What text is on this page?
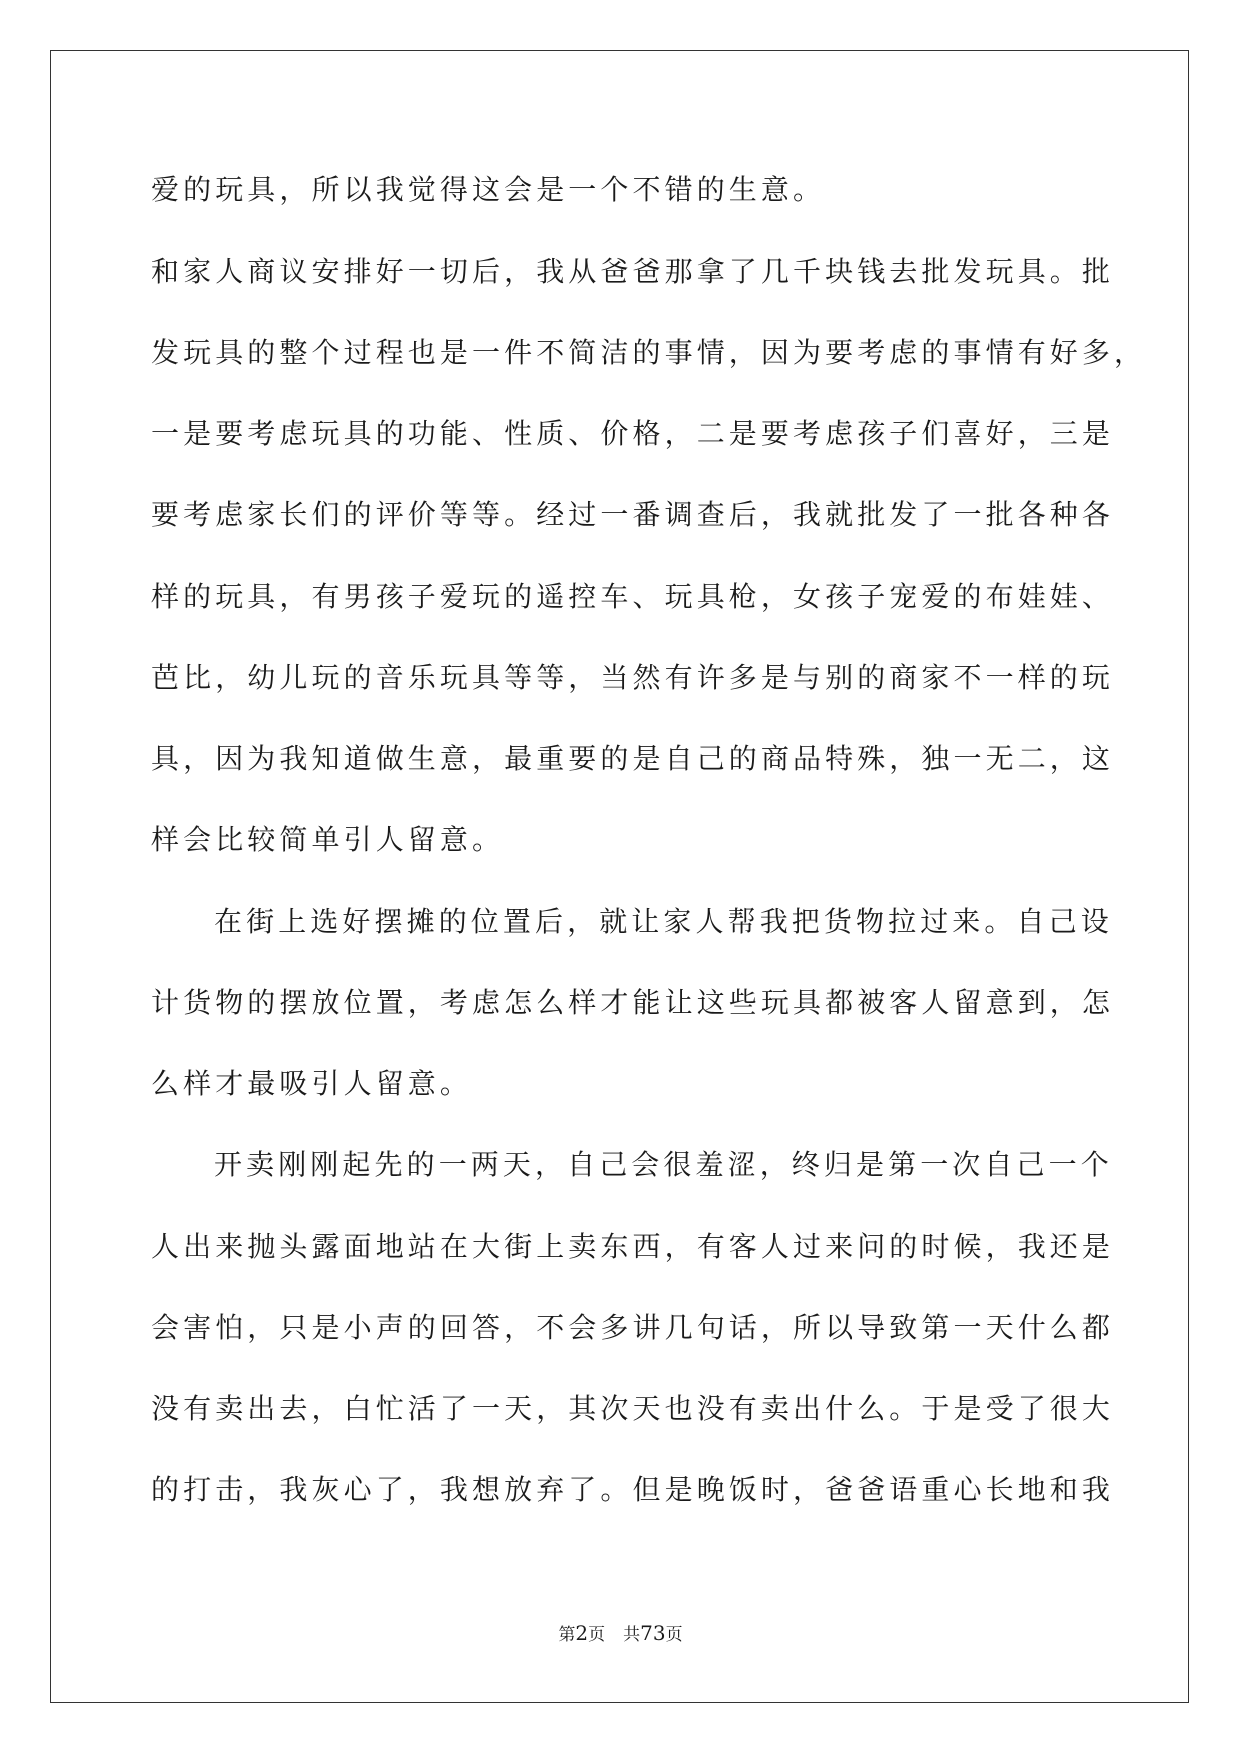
爱的玩具，所以我觉得这会是一个不错的生意。

和家人商议安排好一切后，我从爸爸那拿了几千块钱去批发玩具。批

发玩具的整个过程也是一件不简洁的事情，因为要考虑的事情有好多，

一是要考虑玩具的功能、性质、价格，二是要考虑孩子们喜好，三是

要考虑家长们的评价等等。经过一番调查后，我就批发了一批各种各

样的玩具，有男孩子爱玩的遥控车、玩具枪，女孩子宠爱的布娃娃、

芭比，幼儿玩的音乐玩具等等，当然有许多是与别的商家不一样的玩

具，因为我知道做生意，最重要的是自己的商品特殊，独一无二，这

样会比较简单引人留意。

在街上选好摆摊的位置后，就让家人帮我把货物拉过来。自己设

计货物的摆放位置，考虑怎么样才能让这些玩具都被客人留意到，怎

么样才最吸引人留意。

开卖刚刚起先的一两天，自己会很羞涩，终归是第一次自己一个

人出来抛头露面地站在大街上卖东西，有客人过来问的时候，我还是

会害怕，只是小声的回答，不会多讲几句话，所以导致第一天什么都

没有卖出去，白忙活了一天，其次天也没有卖出什么。于是受了很大

的打击，我灰心了，我想放弃了。但是晚饭时，爸爸语重心长地和我

第2页 共73页
